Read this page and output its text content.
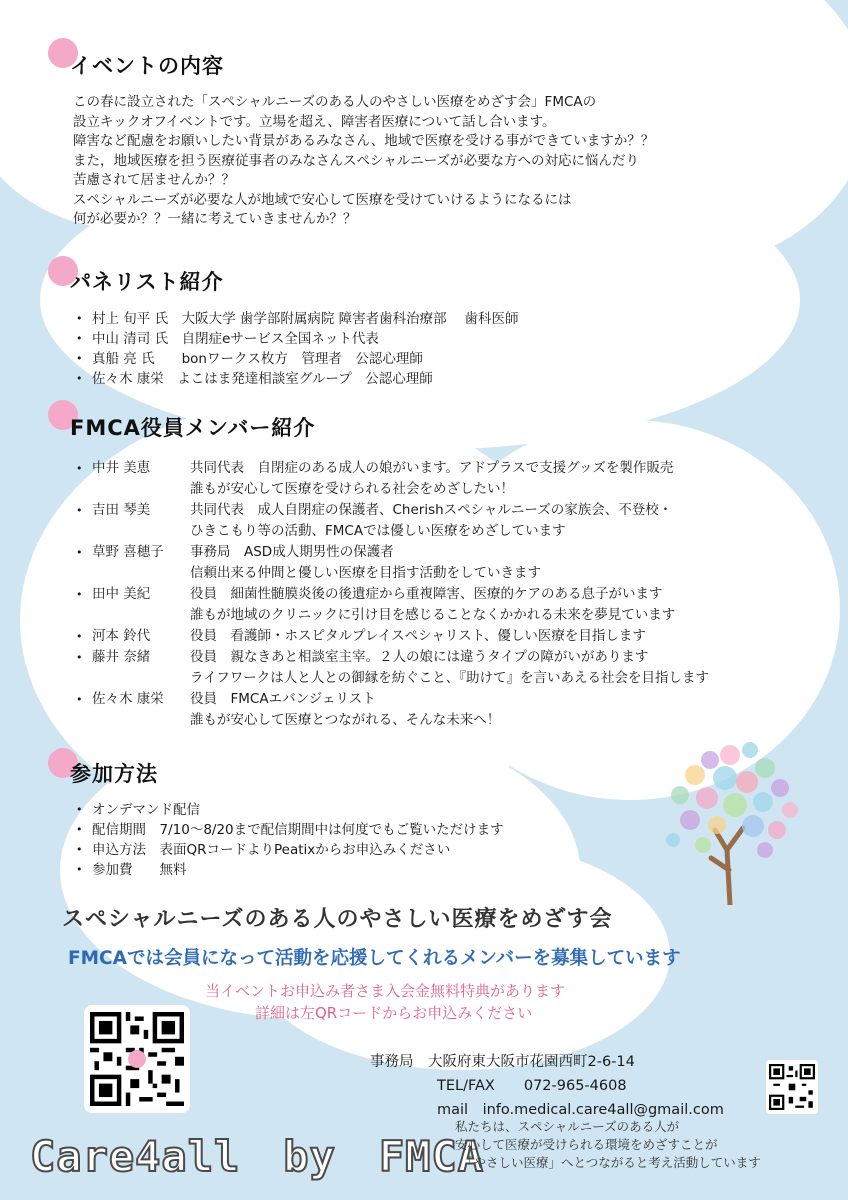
イベントの内容

この春に設立された「スペシャルニーズのある人のやさしい医療をめざす会」FMCAの

設立キックオフイベントです。立場を超え、障害者医療について話し合います。

障害など配慮をお願いしたい背景があるみなさん、地域で医療を受ける事ができていますか？？

また，地域医療を担う医療従事者のみなさんスペシャルニーズが必要な方への対応に悩んだり

苦慮されて居ませんか？？

スペシャルニーズが必要な人が地域で安心して医療を受けていけるようになるには

何が必要か？？一緒に考えていきませんか？？

パネリスト紹介
• 村上 旬平 氏　大阪大学 歯学部附属病院 障害者歯科治療部　 歯科医師
• 中山 清司 氏　自閉症eサービス全国ネット代表
• 真船 亮 氏　　bonワークス枚方　管理者　公認心理師
• 佐々木 康栄　よこはま発達相談室グループ　公認心理師
FMCA役員メンバー紹介
• 中井 美恵	共同代表　自閉症のある成人の娘がいます。アドプラスで支援グッズを製作販売
誰もが安心して医療を受けられる社会をめざしたい！
• 吉田 琴美	共同代表　成人自閉症の保護者、Cherishスペシャルニーズの家族会、不登校・
ひきこもり等の活動、FMCAでは優しい医療をめざしています
• 草野 喜穂子 事務局　ASD成人期男性の保護者
信頼出来る仲間と優しい医療を目指す活動をしていきます
• 田中 美紀	役員　細菌性髄膜炎後の後遺症から重複障害、医療的ケアのある息子がいます
誰もが地域のクリニックに引け目を感じることなくかかれる未来を夢見ています
• 河本 鈴代	役員　看護師・ホスピタルプレイスペシャリスト、優しい医療を目指します
• 藤井 奈緒	役員　親なきあと相談室主宰。２人の娘には違うタイプの障がいがあります
ライフワークは人と人との御縁を紡ぐこと、『助けて』を言いあえる社会を目指します
• 佐々木 康栄 役員　FMCAエバンジェリスト
誰もが安心して医療とつながれる、そんな未来へ！
参加方法
• オンデマンド配信
• 配信期間　7/10～8/20まで配信期間中は何度でもご覧いただけます
• 申込方法　表面QRコードよりPeatixからお申込みください
• 参加費　　無料
スペシャルニーズのある人のやさしい医療をめざす会
FMCAでは会員になって活動を応援してくれるメンバーを募集しています
当イベントお申込み者さま入会金無料特典があります
詳細は左QRコードからお申込みください
事務局　大阪府東大阪市花園西町2-6-14
TEL/FAX　　072-965-4608
mail　info.medical.care4all@gmail.com
Care4all　by　FMCA
私たちは、スペシャルニーズのある人が
安心して医療が受けられる環境をめざすことが
「やさしい医療」へとつながると考え活動しています
